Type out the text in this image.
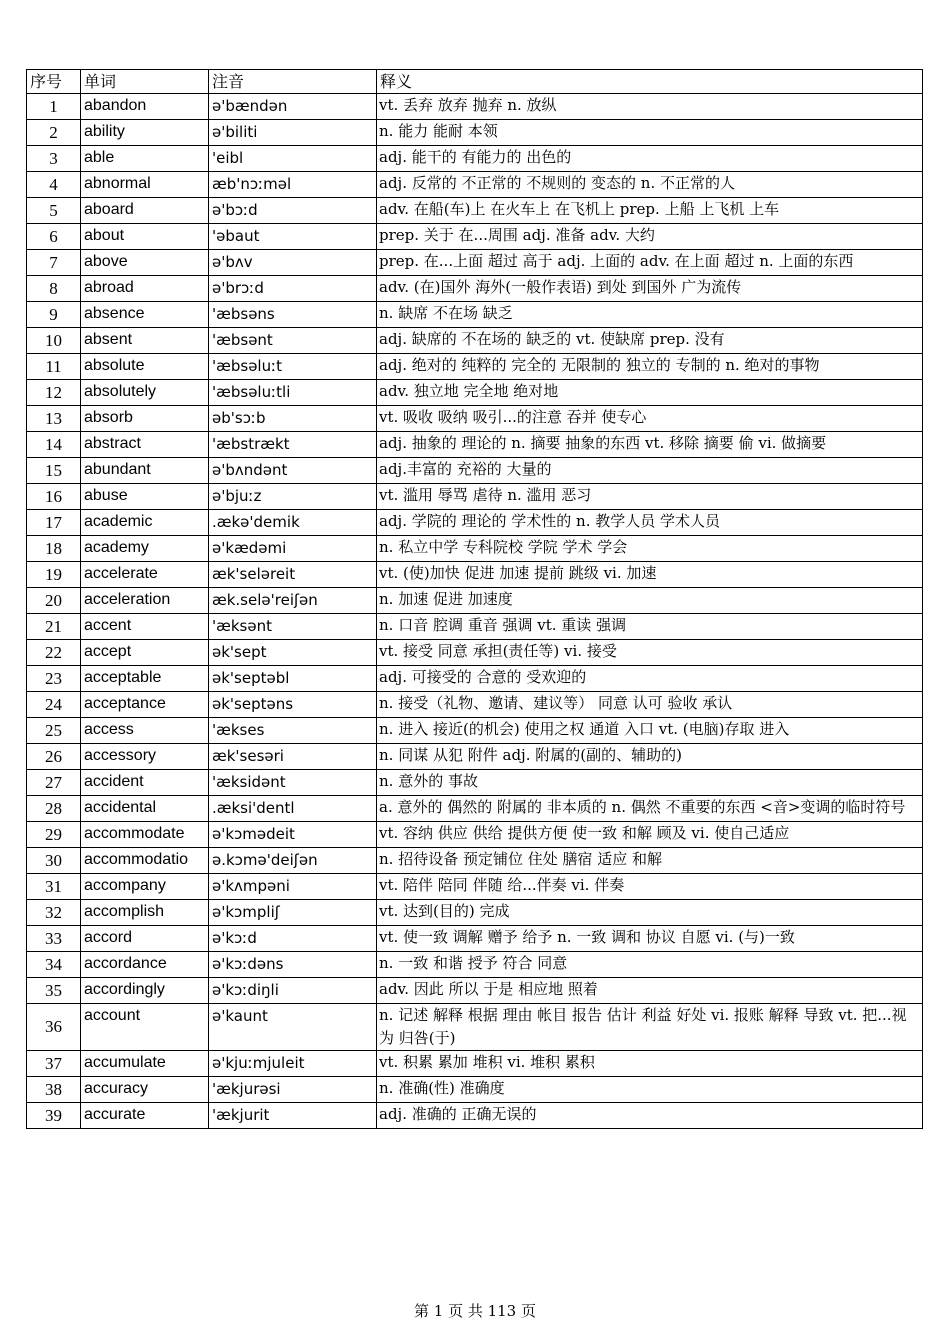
序号	单词	注音	释义
1	abandon	ə'bændən	vt. 丢弃 放弃 抛弃 n. 放纵

2	ability	ə'biliti	n. 能力 能耐 本领

3	able	'eibl	adj. 能干的 有能力的 出色的

4	abnormal	æb'nɔːməl	adj. 反常的 不正常的 不规则的 变态的 n. 不正常的人

5	aboard	ə'bɔːd	adv. 在船(车)上 在火车上 在飞机上 prep. 上船 上飞机 上车

6	about	'əbaut	prep. 关于 在...周围 adj. 准备 adv. 大约

7	above	ə'bʌv	prep. 在...上面 超过 高于 adj. 上面的 adv. 在上面 超过 n. 上面的东西

8	abroad	ə'brɔːd	adv. (在)国外 海外(一般作表语) 到处 到国外 广为流传

9	absence	'æbsəns	n. 缺席 不在场 缺乏

10	absent	'æbsənt	adj. 缺席的 不在场的 缺乏的 vt. 使缺席 prep. 没有

11	absolute	'æbsəluːt	adj. 绝对的 纯粹的 完全的 无限制的 独立的 专制的 n. 绝对的事物

12	absolutely	'æbsəluːtli	adv. 独立地 完全地 绝对地

13	absorb	əb'sɔːb	vt. 吸收 吸纳 吸引...的注意 吞并 使专心

14	abstract	'æbstrækt	adj. 抽象的 理论的 n. 摘要 抽象的东西 vt. 移除 摘要 偷 vi. 做摘要

15	abundant	ə'bʌndənt	adj.丰富的 充裕的 大量的

16	abuse	ə'bjuːz	vt. 滥用 辱骂 虐待 n. 滥用 恶习

17	academic	.ækə'demik	adj. 学院的 理论的 学术性的 n. 教学人员 学术人员

18	academy	ə'kædəmi	n. 私立中学 专科院校 学院 学术 学会

19	accelerate	æk'seləreit	vt. (使)加快 促进 加速 提前 跳级 vi. 加速

20	acceleration	æk.selə'reiʃən	n. 加速 促进 加速度

21	accent	'æksənt	n. 口音 腔调 重音 强调 vt. 重读 强调

22	accept	ək'sept	vt. 接受 同意 承担(责任等) vi. 接受

23	acceptable	ək'septəbl	adj. 可接受的 合意的 受欢迎的

24	acceptance	ək'septəns	n. 接受（礼物、邀请、建议等） 同意 认可 验收 承认

25	access	'ækses	n. 进入 接近(的机会) 使用之权 通道 入口 vt. (电脑)存取 进入

26	accessory	æk'sesəri	n. 同谋 从犯 附件 adj. 附属的(副的、辅助的)

27	accident	'æksidənt	n. 意外的 事故

28	accidental	.æksi'dentl	a. 意外的 偶然的 附属的 非本质的 n. 偶然 不重要的东西 <音>变调的临时符号

29	accommodate	ə'kɔmədeit	vt. 容纳 供应 供给 提供方便 使一致 和解 顾及 vi. 使自己适应

30	accommodatio	ə.kɔmə'deiʃən	n. 招待设备 预定铺位 住处 膳宿 适应 和解

31	accompany	ə'kʌmpəni	vt. 陪伴 陪同 伴随 给...伴奏 vi. 伴奏

32	accomplish	ə'kɔmpliʃ	vt. 达到(目的) 完成

33	accord	ə'kɔːd	vt. 使一致 调解 赠予 给予 n. 一致 调和 协议 自愿 vi. (与)一致

34	accordance	ə'kɔːdəns	n. 一致 和谐 授予 符合 同意

35	accordingly	ə'kɔːdiŋli	adv. 因此 所以 于是 相应地 照着

36	account	ə'kaunt	n. 记述 解释 根据 理由 帐目 报告 估计 利益 好处 vi. 报账 解释 导致 vt. 把...视为 归咎(于)

37	accumulate	ə'kjuːmjuleit	vt. 积累 累加 堆积 vi. 堆积 累积

38	accuracy	'ækjurəsi	n. 准确(性) 准确度

39	accurate	'ækjurit	adj. 准确的 正确无误的
第 1 页 共 113 页
